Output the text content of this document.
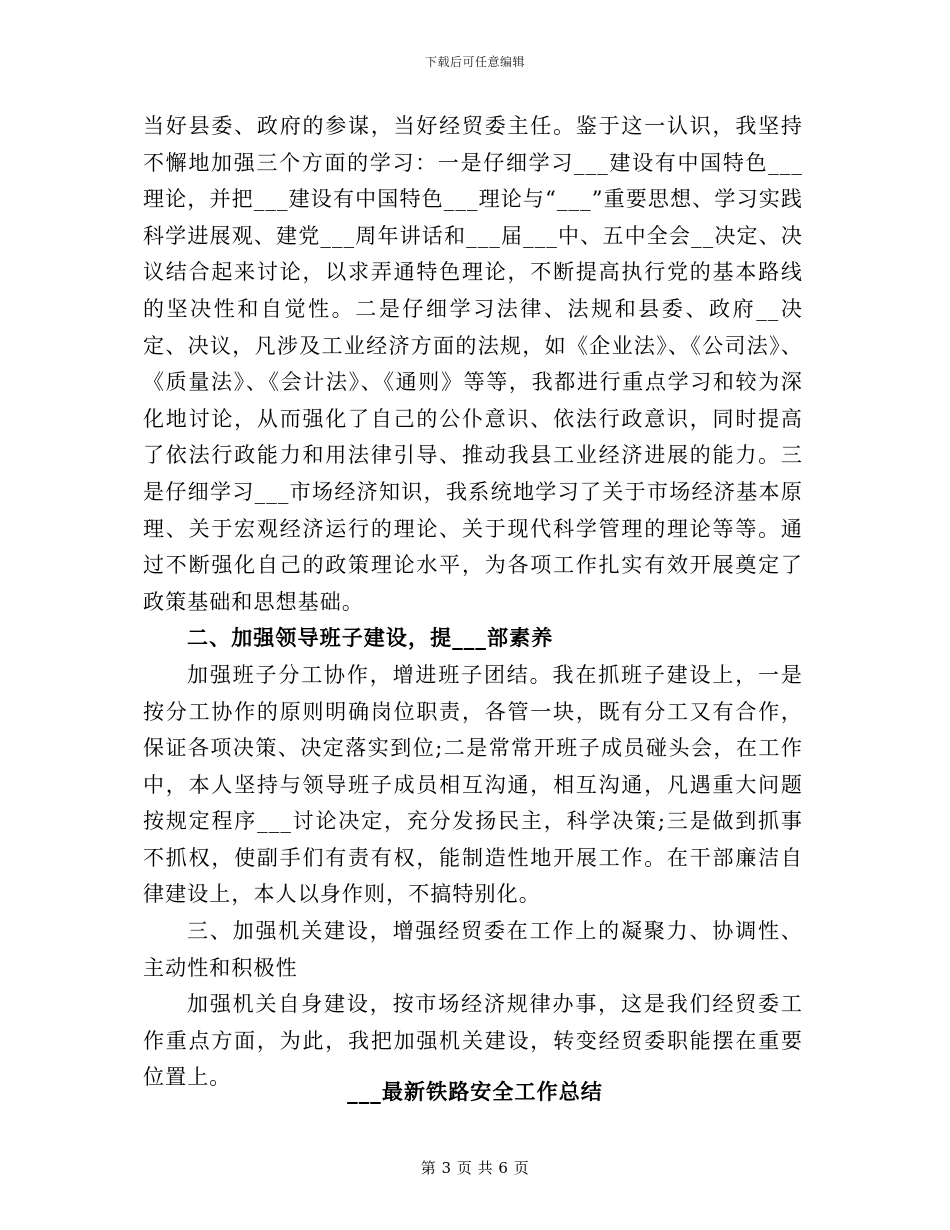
下载后可任意编辑

当好县委、政府的参谋，当好经贸委主任。鉴于这一认识，我坚持不懈地加强三个方面的学习：一是仔细学习___建设有中国特色___理论，并把___建设有中国特色___理论与“___”重要思想、学习实践科学进展观、建党___周年讲话和___届___中、五中全会__决定、决议结合起来讨论，以求弄通特色理论，不断提高执行党的基本路线的坚决性和自觉性。二是仔细学习法律、法规和县委、政府__决定、决议，凡涉及工业经济方面的法规，如《企业法》、《公司法》、《质量法》、《会计法》、《通则》等等，我都进行重点学习和较为深化地讨论，从而强化了自己的公仆意识、依法行政意识，同时提高了依法行政能力和用法律引导、推动我县工业经济进展的能力。三是仔细学习___市场经济知识，我系统地学习了关于市场经济基本原理、关于宏观经济运行的理论、关于现代科学管理的理论等等。通过不断强化自己的政策理论水平，为各项工作扎实有效开展奠定了政策基础和思想基础。

二、加强领导班子建设，提___部素养

加强班子分工协作，增进班子团结。我在抓班子建设上，一是按分工协作的原则明确岗位职责，各管一块，既有分工又有合作，保证各项决策、决定落实到位;二是常常开班子成员碰头会，在工作中，本人坚持与领导班子成员相互沟通，相互沟通，凡遇重大问题按规定程序___讨论决定，充分发扬民主，科学决策;三是做到抓事不抓权，使副手们有责有权，能制造性地开展工作。在干部廉洁自律建设上，本人以身作则，不搞特别化。

三、加强机关建设，增强经贸委在工作上的凝聚力、协调性、主动性和积极性

加强机关自身建设，按市场经济规律办事，这是我们经贸委工作重点方面，为此，我把加强机关建设，转变经贸委职能摆在重要位置上。

___最新铁路安全工作总结
第 3 页 共 6 页
